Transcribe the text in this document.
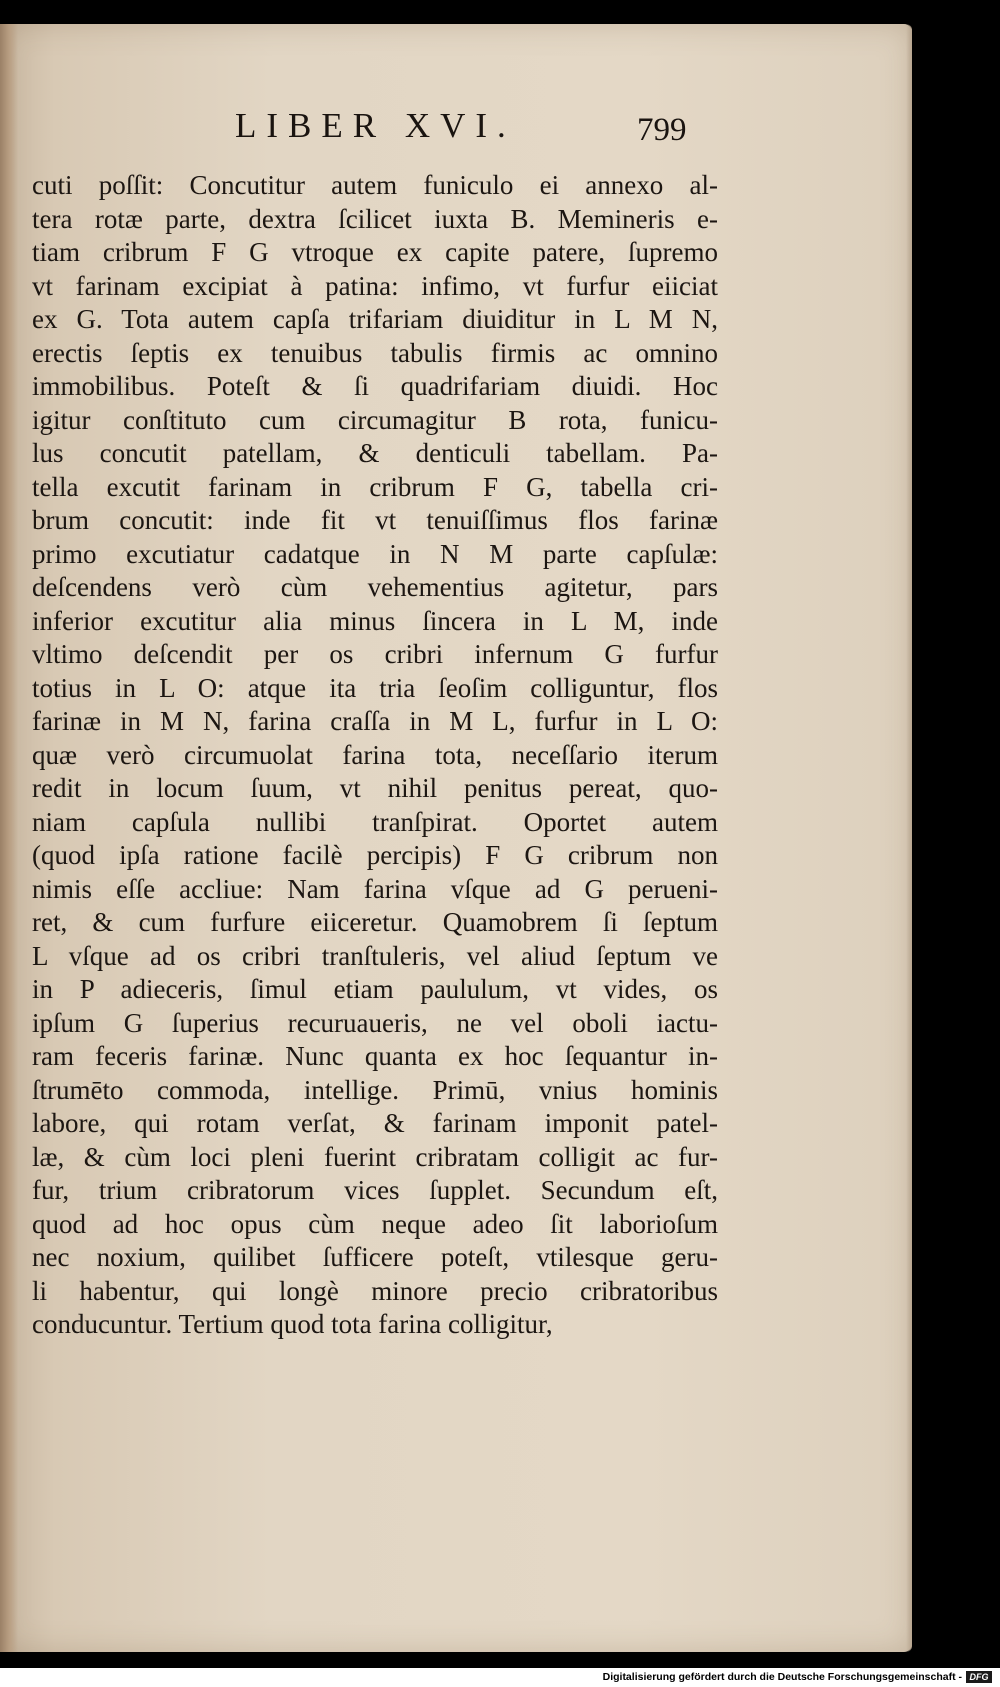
LIBER XVI.	799
cuti poſſit: Concutitur autem funiculo ei annexo al-
tera rotæ parte, dextra ſcilicet iuxta B. Memineris e-
tiam cribrum F G vtroque ex capite patere, ſupremo
vt farinam excipiat à patina: infimo, vt furfur eiiciat
ex G. Tota autem capſa trifariam diuiditur in L M N,
erectis ſeptis ex tenuibus tabulis firmis ac omnino
immobilibus. Poteſt & ſi quadrifariam diuidi. Hoc
igitur conſtituto cum circumagitur B rota, funicu-
lus concutit patellam, & denticuli tabellam. Pa-
tella excutit farinam in cribrum F G, tabella cri-
brum concutit: inde fit vt tenuiſſimus flos farinæ
primo excutiatur cadatque in N M parte capſulæ:
deſcendens verò cùm vehementius agitetur, pars
inferior excutitur alia minus ſincera in L M, inde
vltimo deſcendit per os cribri infernum G furfur
totius in L O: atque ita tria ſeoſim colliguntur, flos
farinæ in M N, farina craſſa in M L, furfur in L O:
quæ verò circumuolat farina tota, neceſſario iterum
redit in locum ſuum, vt nihil penitus pereat, quo-
niam capſula nullibi tranſpirat. Oportet autem
(quod ipſa ratione facilè percipis) F G cribrum non
nimis eſſe accliue: Nam farina vſque ad G perueni-
ret, & cum furfure eiiceretur. Quamobrem ſi ſeptum
L vſque ad os cribri tranſtuleris, vel aliud ſeptum ve
in P adieceris, ſimul etiam paululum, vt vides, os
ipſum G ſuperius recuruaueris, ne vel oboli iactu-
ram feceris farinæ. Nunc quanta ex hoc ſequantur in-
ſtrumēto commoda, intellige. Primū, vnius hominis
labore, qui rotam verſat, & farinam imponit patel-
læ, & cùm loci pleni fuerint cribratam colligit ac fur-
fur, trium cribratorum vices ſupplet. Secundum eſt,
quod ad hoc opus cùm neque adeo ſit laborioſum
nec noxium, quilibet ſufficere poteſt, vtilesque geru-
li habentur, qui longè minore precio cribratoribus
conducuntur. Tertium quod tota farina colligitur,
Digitalisierung gefördert durch die Deutsche Forschungsgemeinschaft - DFG
